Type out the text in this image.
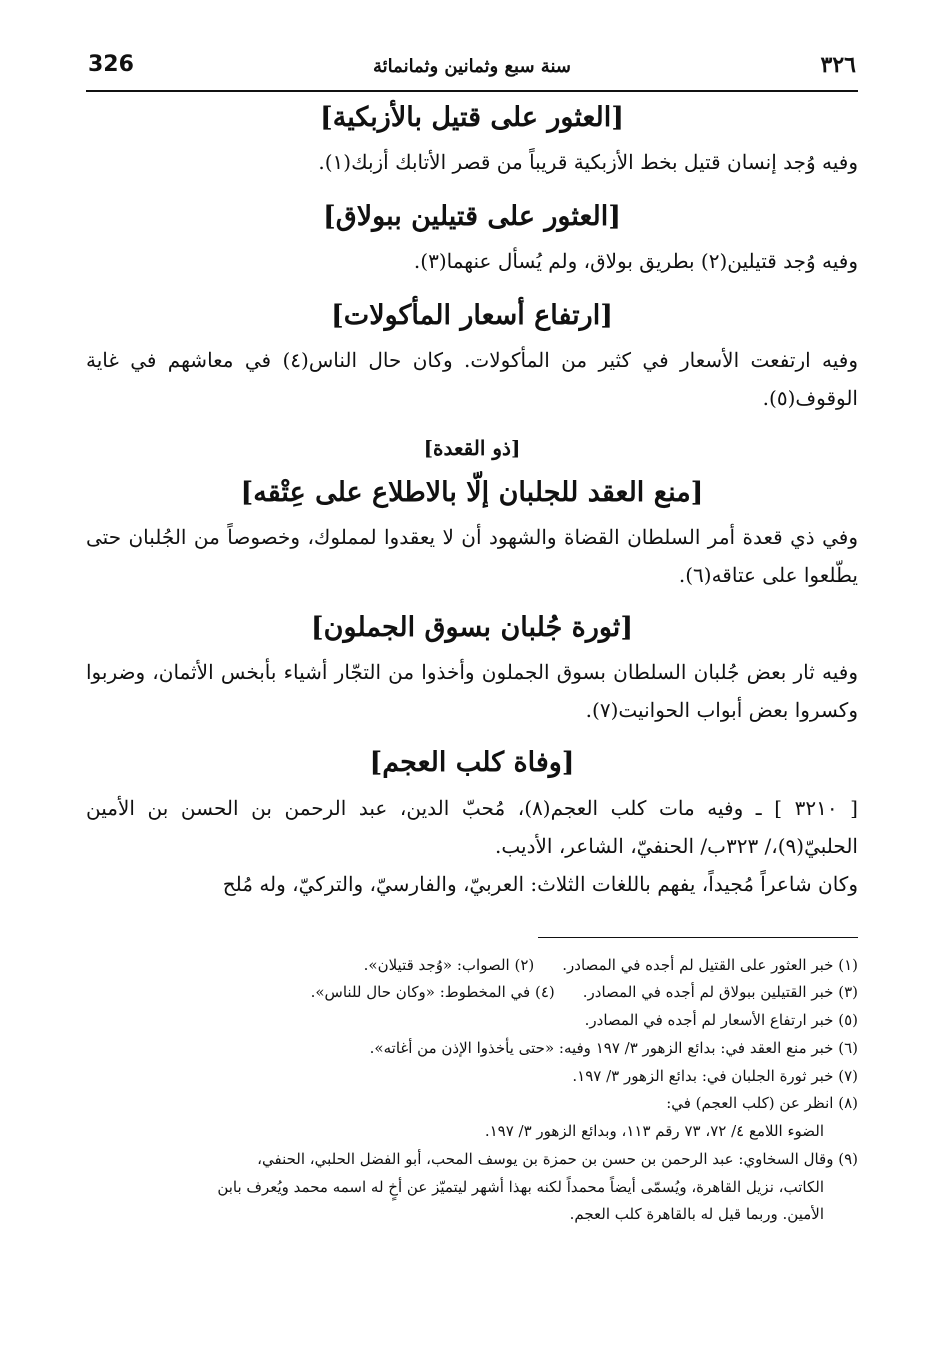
326	سنة سبع وثمانين وثمانمائة	٣٢٦
[العثور على قتيل بالأزبكية]

وفيه وُجد إنسان قتيل بخط الأزبكية قريباً من قصر الأتابك أزبك(١).

[العثور على قتيلين ببولاق]

وفيه وُجد قتيلين(٢) بطريق بولاق، ولم يُسأل عنهما(٣).

[ارتفاع أسعار المأكولات]

وفيه ارتفعت الأسعار في كثير من المأكولات. وكان حال الناس(٤) في معاشهم في غاية الوقوف(٥).

[ذو القعدة]
[منع العقد للجلبان إلّا بالاطلاع على عِتْقه]

وفي ذي قعدة أمر السلطان القضاة والشهود أن لا يعقدوا لمملوك، وخصوصاً من الجُلبان حتى يطّلعوا على عتاقه(٦).

[ثورة جُلبان بسوق الجملون]

وفيه ثار بعض جُلبان السلطان بسوق الجملون وأخذوا من التجّار أشياء بأبخس الأثمان، وضربوا وكسروا بعض أبواب الحوانيت(٧).

[وفاة كلب العجم]

[ ٣٢١٠ ] ـ وفيه مات كلب العجم(٨)، مُحبّ الدين، عبد الرحمن بن الحسن بن الأمين الحلبيّ(٩)،/ ٣٢٣ب/ الحنفيّ، الشاعر، الأديب.

وكان شاعراً مُجيداً، يفهم باللغات الثلاث: العربيّ، والفارسيّ، والتركيّ، وله مُلح

(١) خبر العثور على القتيل لم أجده في المصادر.

(٢) الصواب: «وُجد قتيلان».

(٣) خبر القتيلين ببولاق لم أجده في المصادر.

(٤) في المخطوط: «وكان حال للناس».

(٥) خبر ارتفاع الأسعار لم أجده في المصادر.

(٦) خبر منع العقد في: بدائع الزهور ٣/ ١٩٧ وفيه: «حتى يأخذوا الإذن من أغاته».

(٧) خبر ثورة الجلبان في: بدائع الزهور ٣/ ١٩٧.

(٨) انظر عن (كلب العجم) في:

الضوء اللامع ٤/ ٧٢، ٧٣ رقم ١١٣، وبدائع الزهور ٣/ ١٩٧.

(٩) وقال السخاوي: عبد الرحمن بن حسن بن حمزة بن يوسف المحب، أبو الفضل الحلبي، الحنفي،

الكاتب، نزيل القاهرة، ويُسمّى أيضاً محمداً لكنه بهذا أشهر ليتميّز عن أخٍ له اسمه محمد ويُعرف بابن

الأمين. وربما قيل له بالقاهرة كلب العجم.
